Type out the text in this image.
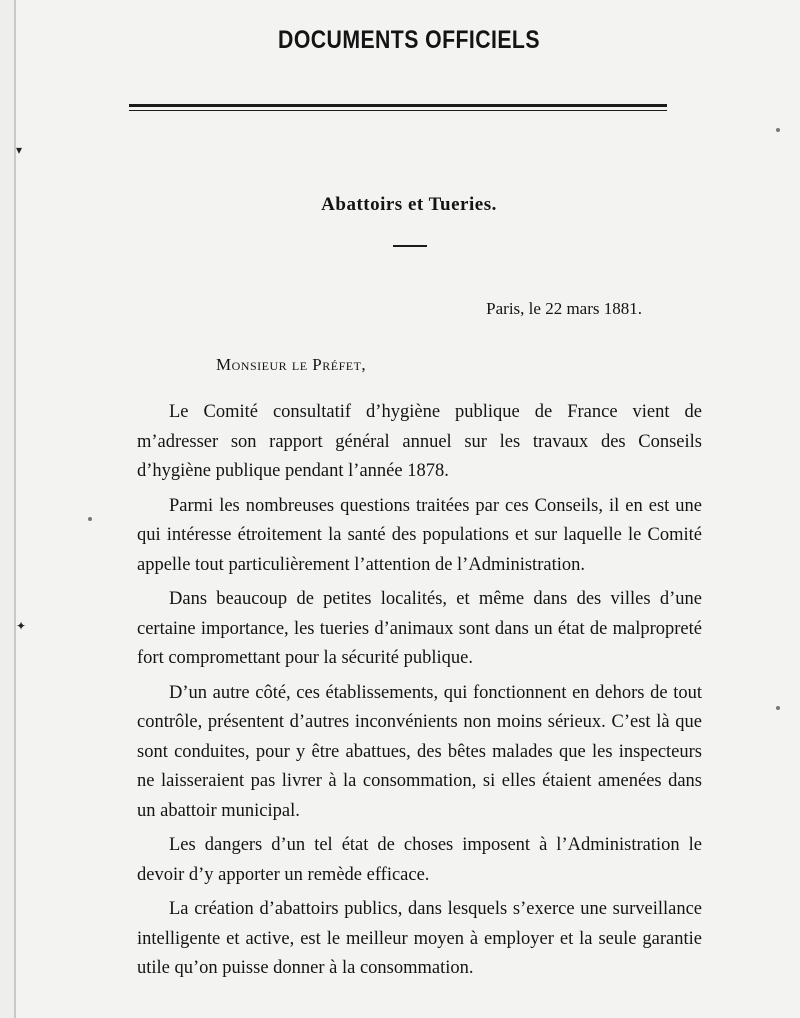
▾
✦
DOCUMENTS OFFICIELS
Abattoirs et Tueries.
Paris, le 22 mars 1881.
Monsieur le Préfet,

Le Comité consultatif d’hygiène publique de France vient de m’adresser son rapport général annuel sur les travaux des Conseils d’hygiène publique pendant l’année 1878.

Parmi les nombreuses questions traitées par ces Conseils, il en est une qui intéresse étroitement la santé des populations et sur laquelle le Comité appelle tout particulièrement l’attention de l’Administration.

Dans beaucoup de petites localités, et même dans des villes d’une certaine importance, les tueries d’animaux sont dans un état de malpropreté fort compromettant pour la sécurité publique.

D’un autre côté, ces établissements, qui fonctionnent en dehors de tout contrôle, présentent d’autres inconvénients non moins sérieux. C’est là que sont conduites, pour y être abattues, des bêtes malades que les inspecteurs ne laisseraient pas livrer à la consommation, si elles étaient amenées dans un abattoir municipal.

Les dangers d’un tel état de choses imposent à l’Administration le devoir d’y apporter un remède efficace.

La création d’abattoirs publics, dans lesquels s’exerce une surveillance intelligente et active, est le meilleur moyen à employer et la seule garantie utile qu’on puisse donner à la consommation.
